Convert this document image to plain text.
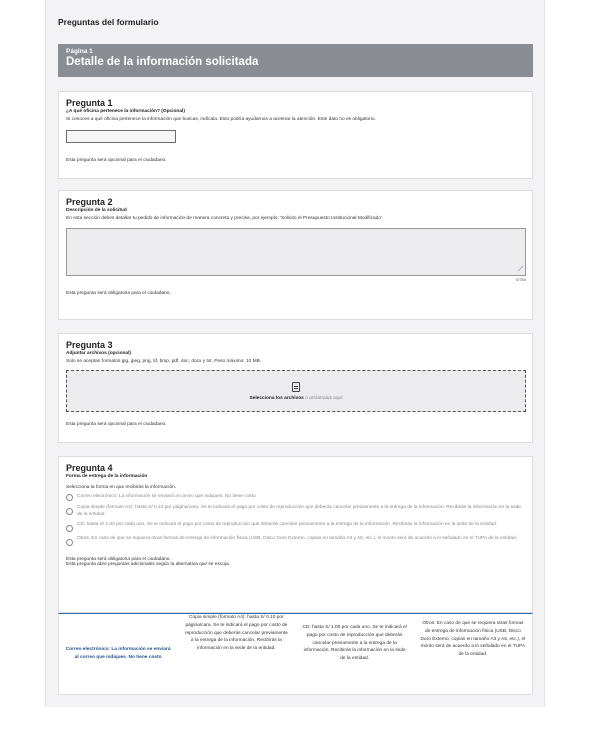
Preguntas del formulario
Página 1
Detalle de la información solicitada
Pregunta 1
¿A qué oficina pertenece la información? (Opcional)
Si conoces a qué oficina pertenece la información que buscas, indícala. Esto podría ayudarnos a acelerar la atención. Este dato no es obligatorio.
Esta pregunta será opcional para el ciudadano.
Pregunta 2
Descripción de la solicitud
En esta sección debes detallar tu pedido de información de manera concreta y precisa, por ejemplo: 'Solicito el Presupuesto Institucional Modificado'.
⟋
0/750
Esta pregunta será obligatoria para el ciudadano.
Pregunta 3
Adjuntar archivos (opcional)
Solo se aceptan formatos jpg, jpeg, png, tif, bmp, pdf, doc, docx y txt. Peso máximo: 10 MB.
Selecciona los archivos o arrástralos aquí
Esta pregunta será opcional para el ciudadano.
Pregunta 4
Forma de entrega de la información
Selecciona la forma en que recibirás la información.
Correo electrónico: La información se enviará al correo que indiques. No tiene costo
Copia simple (formato A4): hasta S/ 0.10 por página/cara. Se te indicará el pago por costo de reproducción que deberás cancelar previamente a la entrega de la información. Recibirás la información en la sede de la entidad.
CD: hasta S/ 1.00 por cada uno. Se te indicará el pago por costo de reproducción que deberás cancelar previamente a la entrega de la información. Recibirás la información en la sede de la entidad.
Otros: En caso de que se requiera otras formas de entrega de información física (USB, Disco Duro Externo, copias en tamaño A3 y A5, etc.), el monto será de acuerdo a lo señalado en el TUPA de la entidad.
Esta pregunta será obligatoria para el ciudadano.
Esta pregunta abre preguntas adicionales según la alternativa que se escoja.
Correo electrónico: La información se enviará al correo que indiques. No tiene costo
Copia simple (formato A4): hasta S/ 0.10 por página/cara. Se te indicará el pago por costo de reproducción que deberás cancelar previamente a la entrega de la información. Recibirás la información en la sede de la entidad.
CD: hasta S/ 1.00 por cada uno. Se te indicará el pago por costo de reproducción que deberás cancelar previamente a la entrega de la información. Recibirás la información en la sede de la entidad.
Otros: En caso de que se requiera otras formas de entrega de información física (USB, Disco Duro Externo, copias en tamaño A3 y A5, etc.), el monto será de acuerdo a lo señalado en el TUPA de la entidad.
